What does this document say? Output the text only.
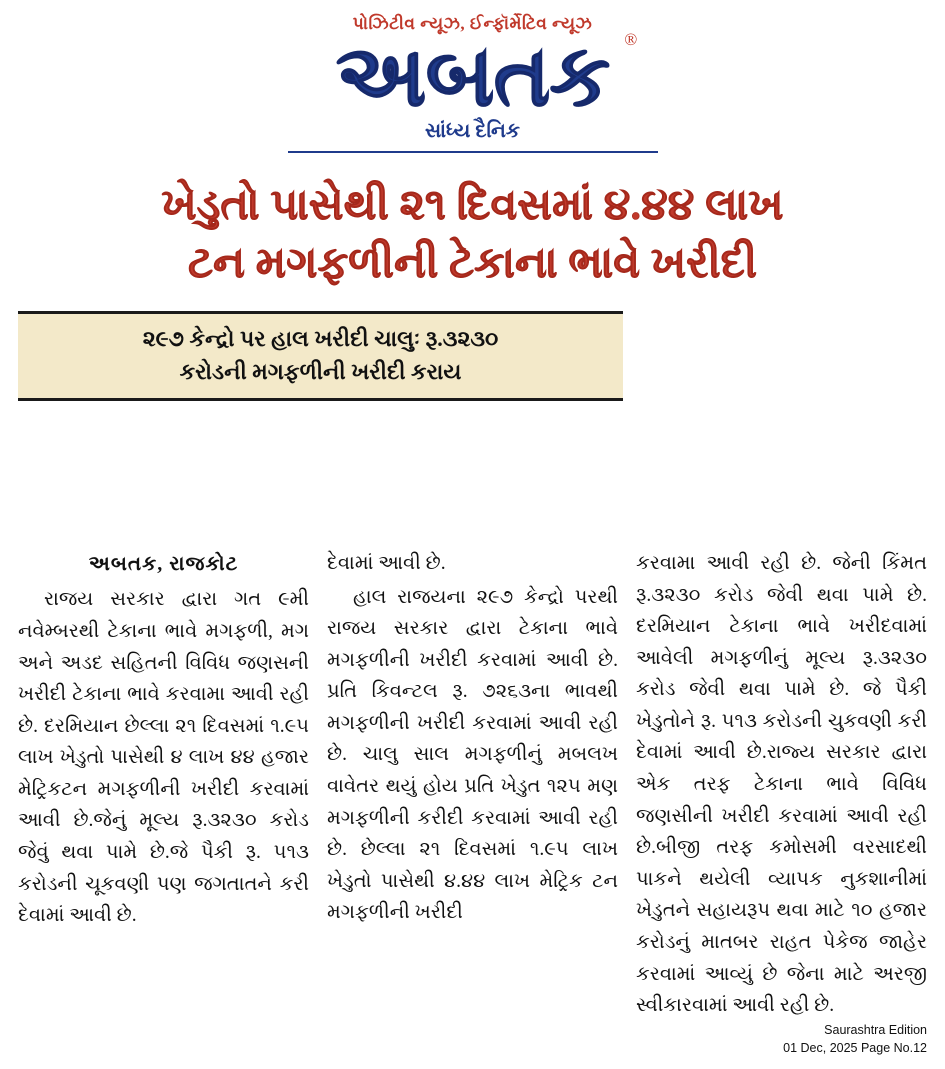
પોઝિટીવ ન્યૂઝ, ઈન્ફૉર્મેટિવ ન્યૂઝ
અબતક ®
સાંધ્ય દૈનિક
ખેડુતો પાસેથી ૨૧ દિવસમાં ૪.૪૪ લાખ
ટન મગફળીની ટેકાના ભાવે ખરીદી
૨૯૭ કેન્દ્રો પર હાલ ખરીદી ચાલુઃ રૂ.૩૨૩૦
કરોડની મગફળીની ખરીદી કરાય
અબતક, રાજકોટ

રાજય સરકાર દ્વારા ગત ૯મી નવેમ્બરથી ટેકાના ભાવે મગફળી, મગ અને અડદ સહિતની વિવિધ જણસની ખરીદી ટેકાના ભાવે કરવામા આવી રહી છે. દરમિયાન છેલ્લા ૨૧ દિવસમાં ૧.૯૫ લાખ ખેડુતો પાસેથી ૪ લાખ ૪૪ હજાર મેટ્રિકટન મગફળીની ખરીદી કરવામાં આવી છે.જેનું મૂલ્ય રૂ.૩૨૩૦ કરોડ જેવું થવા પામે છે.જે પૈકી રૂ. ૫૧૩ કરોડની ચૂકવણી પણ જગતાતને કરી દેવામાં આવી છે.

દેવામાં આવી છે.

હાલ રાજયના ૨૯૭ કેન્દ્રો પરથી રાજય સરકાર દ્વારા ટેકાના ભાવે મગફળીની ખરીદી કરવામાં આવી છે. પ્રતિ કિવન્ટલ રૂ. ૭૨૬૩ના ભાવથી મગફળીની ખરીદી કરવામાં આવી રહી છે. ચાલુ સાલ મગફળીનું મબલખ વાવેતર થયું હોય પ્રતિ ખેડુત ૧૨૫ મણ મગફળીની કરીદી કરવામાં આવી રહી છે. છેલ્લા ૨૧ દિવસમાં ૧.૯૫ લાખ ખેડુતો પાસેથી ૪.૪૪ લાખ મેટ્રિક ટન મગફળીની ખરીદી

કરવામા આવી રહી છે. જેની કિંમત રૂ.૩૨૩૦ કરોડ જેવી થવા પામે છે. દરમિયાન ટેકાના ભાવે ખરીદવામાં આવેલી મગફળીનું મૂલ્ય રૂ.૩૨૩૦ કરોડ જેવી થવા પામે છે. જે પૈકી ખેડુતોને રૂ. ૫૧૩ કરોડની ચુકવણી કરી દેવામાં આવી છે.રાજ્ય સરકાર દ્વારા એક તરફ ટેકાના ભાવે વિવિધ જણસીની ખરીદી કરવામાં આવી રહી છે.બીજી તરફ કમોસમી વરસાદથી પાકને થયેલી વ્યાપક નુકશાનીમાં ખેડુતને સહાયરૂપ થવા માટે ૧૦ હજાર કરોડનું માતબર રાહત પેકેજ જાહેર કરવામાં આવ્યું છે જેના માટે અરજી સ્વીકારવામાં આવી રહી છે.

Saurashtra Edition
01 Dec, 2025 Page No.12
